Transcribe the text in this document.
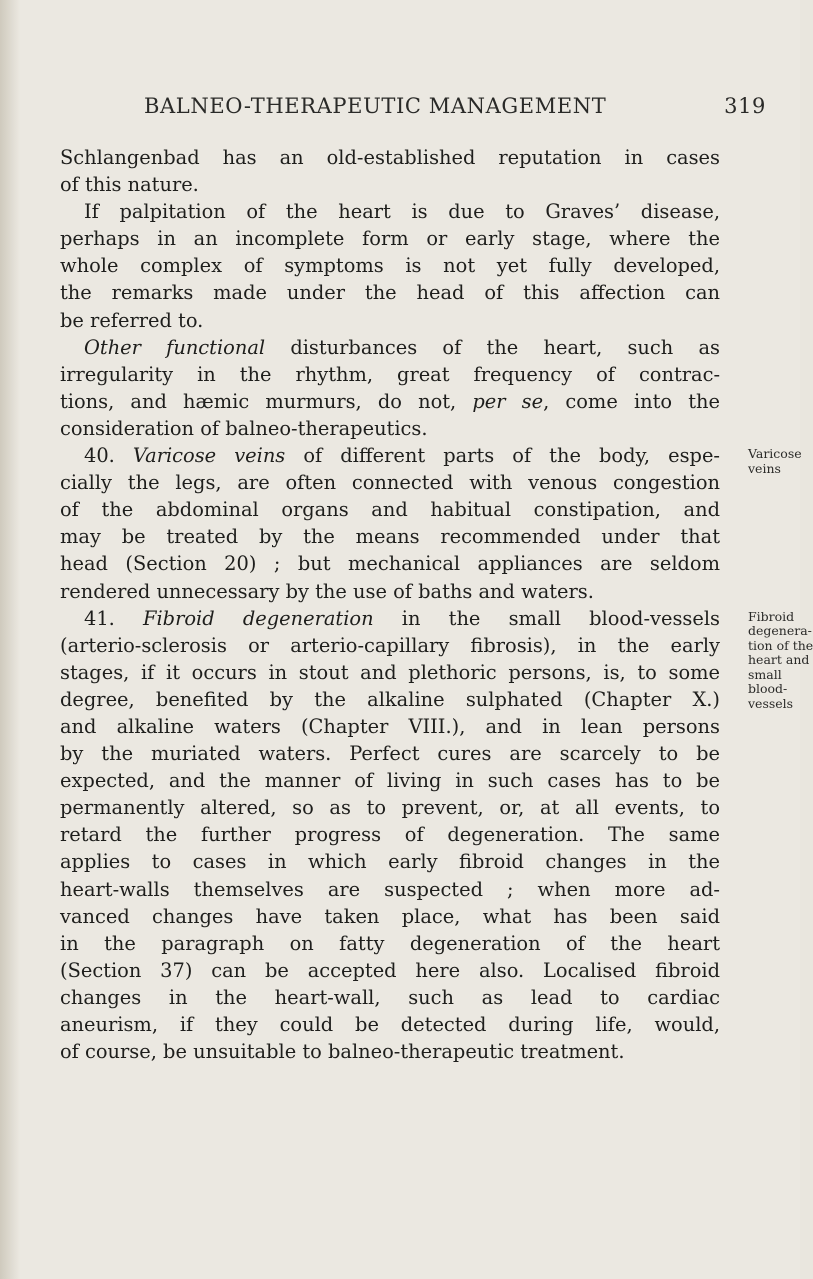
BALNEO-THERAPEUTIC MANAGEMENT	319
Schlangenbad has an old-established reputation in cases
of this nature.
If palpitation of the heart is due to Graves’ disease,
perhaps in an incomplete form or early stage, where the
whole complex of symptoms is not yet fully developed,
the remarks made under the head of this affection can
be referred to.
Other functional disturbances of the heart, such as
irregularity in the rhythm, great frequency of contrac-
tions, and hæmic murmurs, do not, per se, come into the
consideration of balneo-therapeutics.
40. Varicose veins of different parts of the body, espe-
cially the legs, are often connected with venous congestion
of the abdominal organs and habitual constipation, and
may be treated by the means recommended under that
head (Section 20) ; but mechanical appliances are seldom
rendered unnecessary by the use of baths and waters.
41. Fibroid degeneration in the small blood-vessels
(arterio-sclerosis or arterio-capillary fibrosis), in the early
stages, if it occurs in stout and plethoric persons, is, to some
degree, benefited by the alkaline sulphated (Chapter X.)
and alkaline waters (Chapter VIII.), and in lean persons
by the muriated waters. Perfect cures are scarcely to be
expected, and the manner of living in such cases has to be
permanently altered, so as to prevent, or, at all events, to
retard the further progress of degeneration. The same
applies to cases in which early fibroid changes in the
heart-walls themselves are suspected ; when more ad-
vanced changes have taken place, what has been said
in the paragraph on fatty degeneration of the heart
(Section 37) can be accepted here also. Localised fibroid
changes in the heart-wall, such as lead to cardiac
aneurism, if they could be detected during life, would,
of course, be unsuitable to balneo-therapeutic treatment.
Varicose
veins
Fibroid
degenera-
tion of the
heart and
small
blood-
vessels
